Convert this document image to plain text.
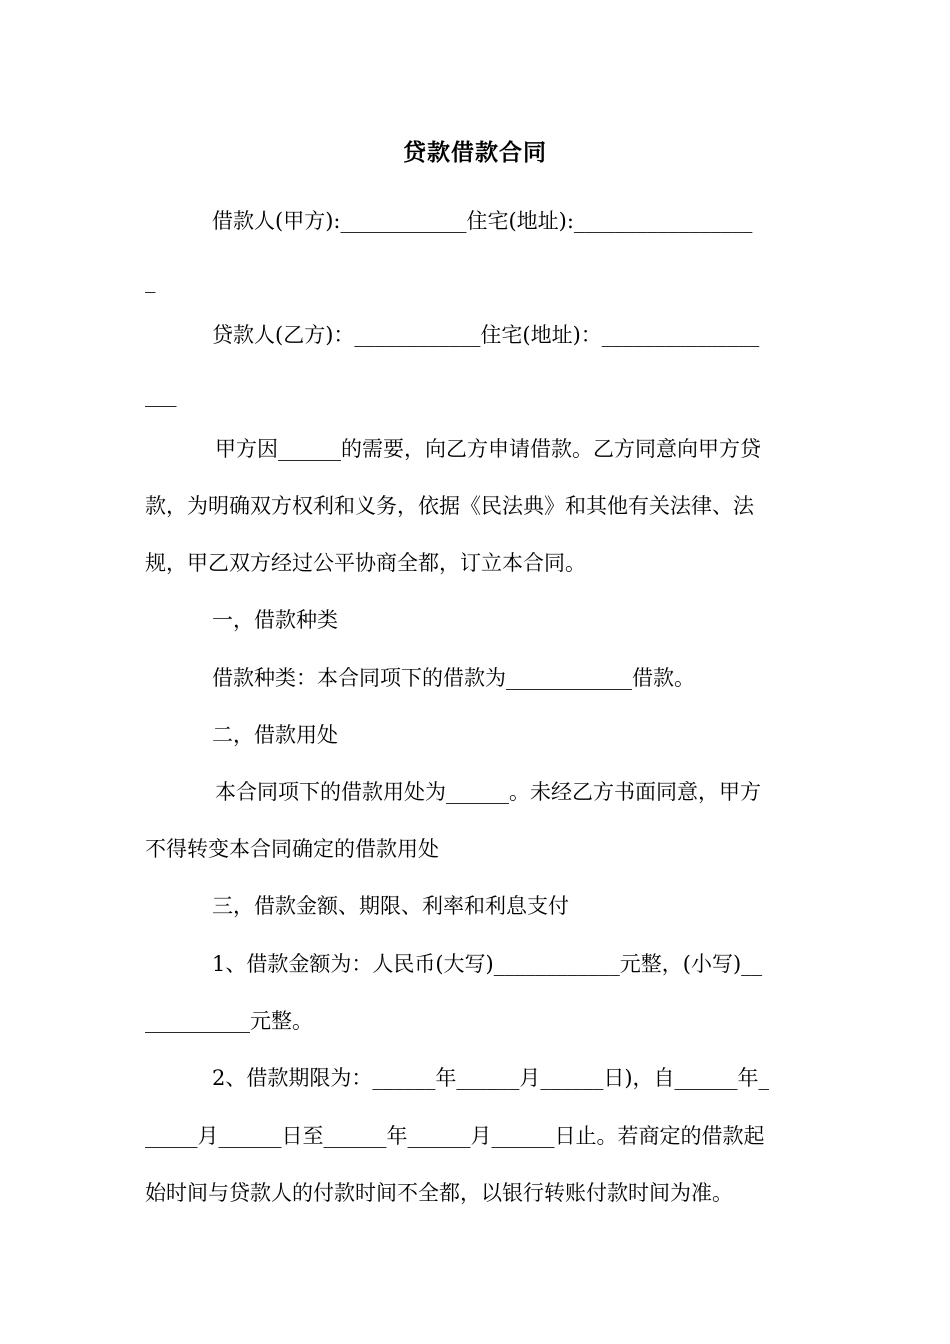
贷款借款合同
借款人(甲方):____________住宅(地址):_________________
_
贷款人(乙方)：____________住宅(地址)：_______________
___
甲方因______的需要，向乙方申请借款。乙方同意向甲方贷
款，为明确双方权利和义务，依据《民法典》和其他有关法律、法
规，甲乙双方经过公平协商全都，订立本合同。
一，借款种类
借款种类：本合同项下的借款为____________借款。
二，借款用处
本合同项下的借款用处为______。未经乙方书面同意，甲方
不得转变本合同确定的借款用处
三，借款金额、期限、利率和利息支付
1、借款金额为：人民币(大写)____________元整，(小写)__
__________元整。
2、借款期限为：______年______月______日)，自______年_
_____月______日至______年______月______日止。若商定的借款起
始时间与贷款人的付款时间不全都，以银行转账付款时间为准。
